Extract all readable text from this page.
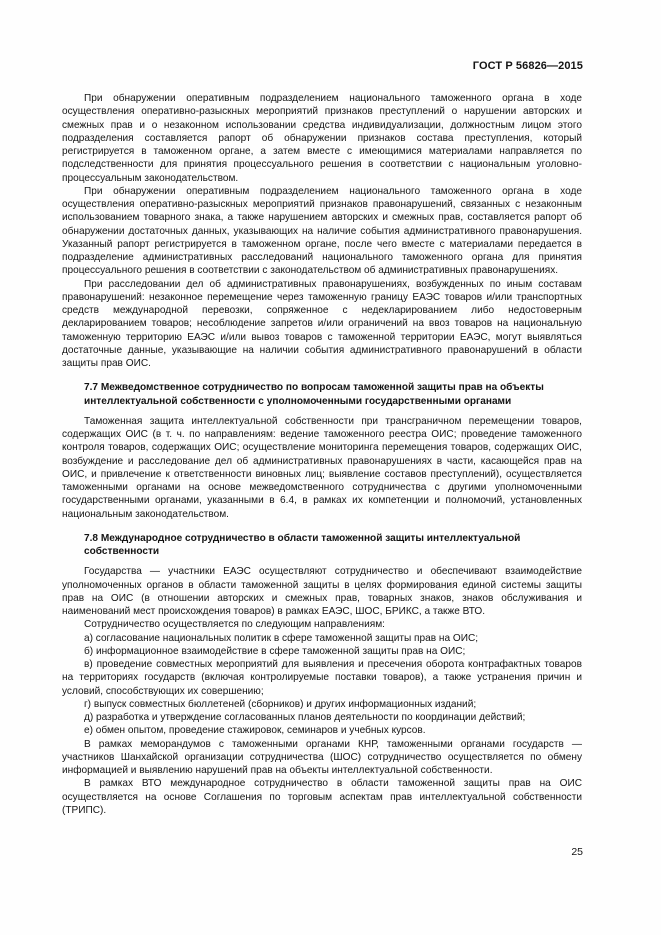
ГОСТ Р 56826—2015

При обнаружении оперативным подразделением национального таможенного органа в ходе осуществления оперативно-разыскных мероприятий признаков преступлений о нарушении авторских и смежных прав и о незаконном использовании средства индивидуализации, должностным лицом этого подразделения составляется рапорт об обнаружении признаков состава преступления, который регистрируется в таможенном органе, а затем вместе с имеющимися материалами направляется по подследственности для принятия процессуального решения в соответствии с национальным уголовно-процессуальным законодательством.

При обнаружении оперативным подразделением национального таможенного органа в ходе осуществления оперативно-разыскных мероприятий признаков правонарушений, связанных с незаконным использованием товарного знака, а также нарушением авторских и смежных прав, составляется рапорт об обнаружении достаточных данных, указывающих на наличие события административного правонарушения. Указанный рапорт регистрируется в таможенном органе, после чего вместе с материалами передается в подразделение административных расследований национального таможенного органа для принятия процессуального решения в соответствии с законодательством об административных правонарушениях.

При расследовании дел об административных правонарушениях, возбужденных по иным составам правонарушений: незаконное перемещение через таможенную границу ЕАЭС товаров и/или транспортных средств международной перевозки, сопряженное с недекларированием либо недостоверным декларированием товаров; несоблюдение запретов и/или ограничений на ввоз товаров на национальную таможенную территорию ЕАЭС и/или вывоз товаров с таможенной территории ЕАЭС, могут выявляться достаточные данные, указывающие на наличии события административного правонарушений в области защиты прав ОИС.

7.7 Межведомственное сотрудничество по вопросам таможенной защиты прав на объекты интеллектуальной собственности с уполномоченными государственными органами

Таможенная защита интеллектуальной собственности при трансграничном перемещении товаров, содержащих ОИС (в т. ч. по направлениям: ведение таможенного реестра ОИС; проведение таможенного контроля товаров, содержащих ОИС; осуществление мониторинга перемещения товаров, содержащих ОИС, возбуждение и расследование дел об административных правонарушениях в части, касающейся прав на ОИС, и привлечение к ответственности виновных лиц; выявление составов преступлений), осуществляется таможенными органами на основе межведомственного сотрудничества с другими уполномоченными государственными органами, указанными в 6.4, в рамках их компетенции и полномочий, установленных национальным законодательством.

7.8 Международное сотрудничество в области таможенной защиты интеллектуальной собственности

Государства — участники ЕАЭС осуществляют сотрудничество и обеспечивают взаимодействие уполномоченных органов в области таможенной защиты в целях формирования единой системы защиты прав на ОИС (в отношении авторских и смежных прав, товарных знаков, знаков обслуживания и наименований мест происхождения товаров) в рамках ЕАЭС, ШОС, БРИКС, а также ВТО.

Сотрудничество осуществляется по следующим направлениям:

а) согласование национальных политик в сфере таможенной защиты прав на ОИС;

б) информационное взаимодействие в сфере таможенной защиты прав на ОИС;

в) проведение совместных мероприятий для выявления и пресечения оборота контрафактных товаров на территориях государств (включая контролируемые поставки товаров), а также устранения причин и условий, способствующих их совершению;

г) выпуск совместных бюллетеней (сборников) и других информационных изданий;

д) разработка и утверждение согласованных планов деятельности по координации действий;

е) обмен опытом, проведение стажировок, семинаров и учебных курсов.

В рамках меморандумов с таможенными органами КНР, таможенными органами государств — участников Шанхайской организации сотрудничества (ШОС) сотрудничество осуществляется по обмену информацией и выявлению нарушений прав на объекты интеллектуальной собственности.

В рамках ВТО международное сотрудничество в области таможенной защиты прав на ОИС осуществляется на основе Соглашения по торговым аспектам прав интеллектуальной собственности (ТРИПС).

25
